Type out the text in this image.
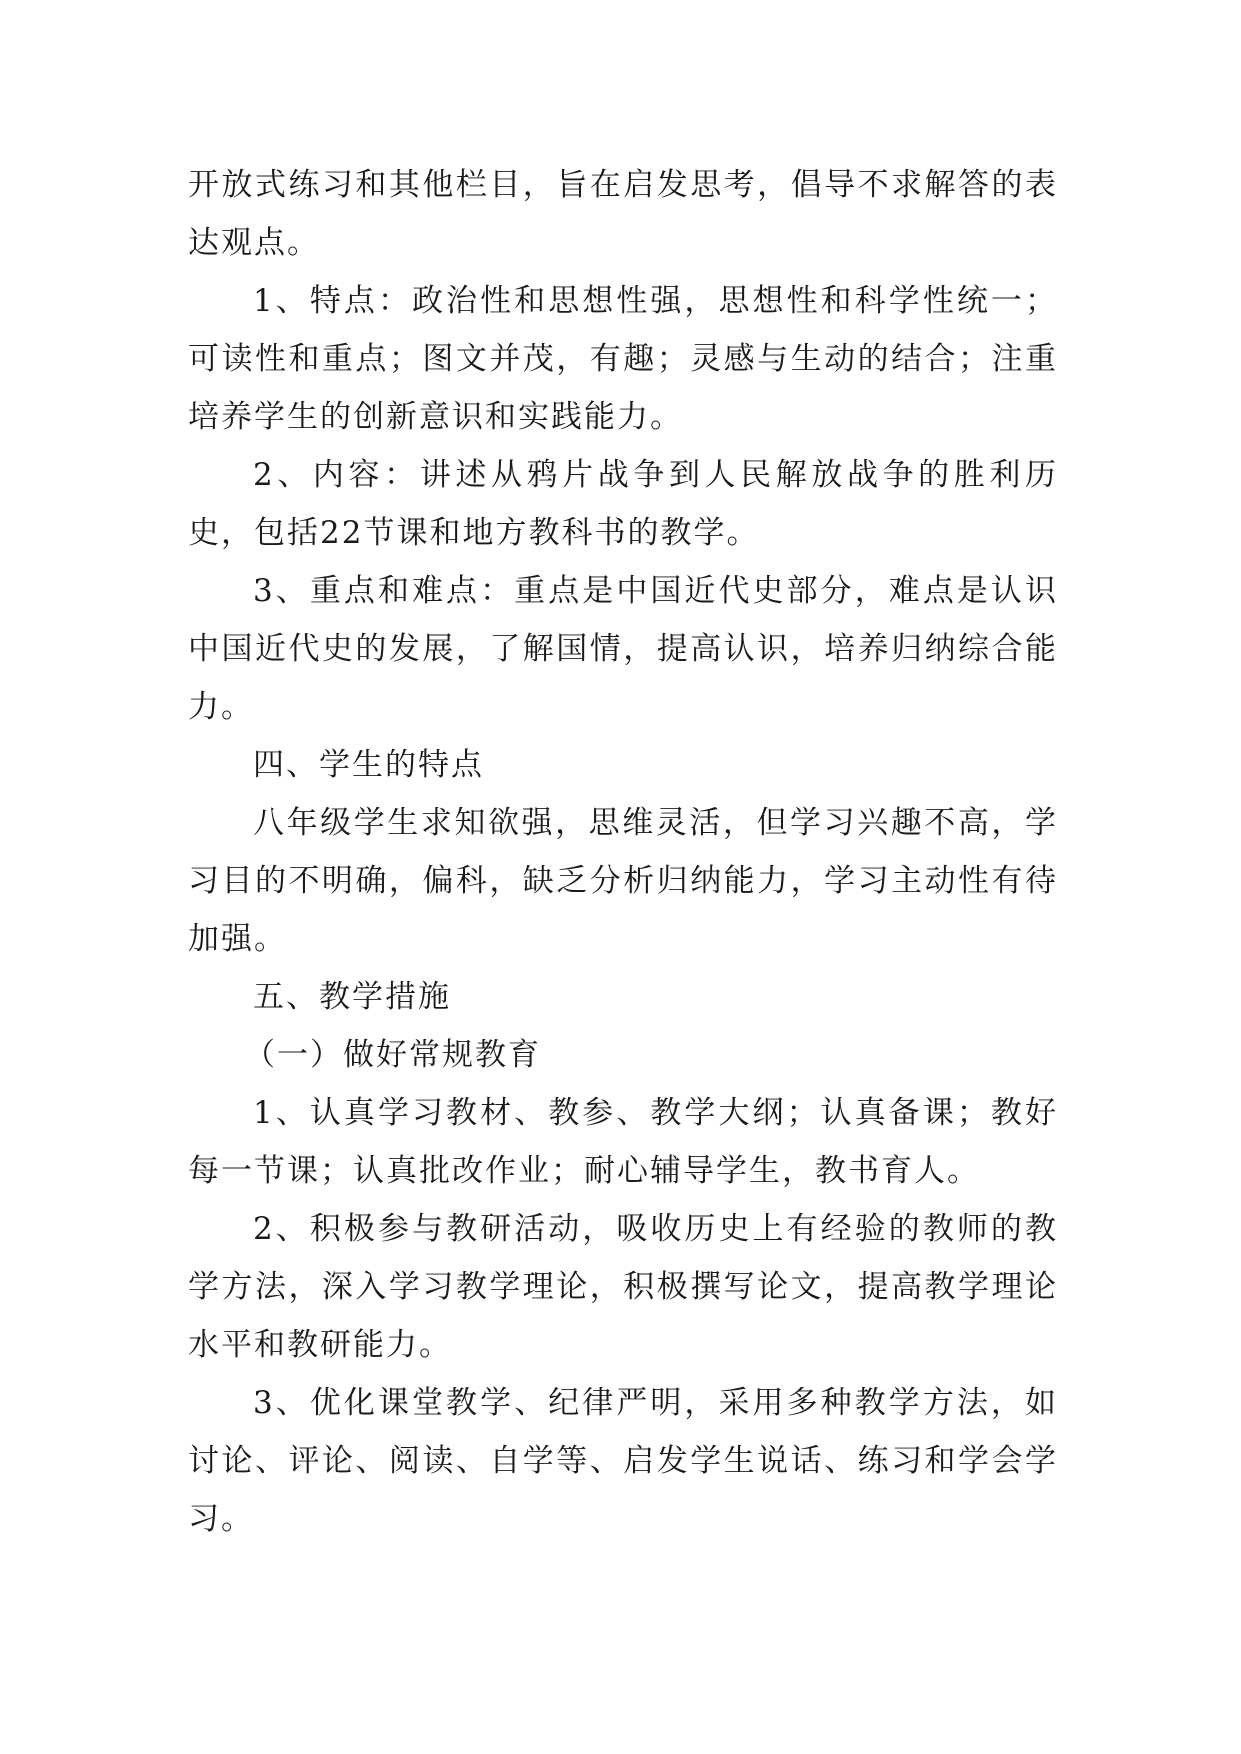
开放式练习和其他栏目，旨在启发思考，倡导不求解答的表达观点。

1、特点：政治性和思想性强，思想性和科学性统一；可读性和重点；图文并茂，有趣；灵感与生动的结合；注重培养学生的创新意识和实践能力。

2、内容：讲述从鸦片战争到人民解放战争的胜利历史，包括22节课和地方教科书的教学。

3、重点和难点：重点是中国近代史部分，难点是认识中国近代史的发展，了解国情，提高认识，培养归纳综合能力。

四、学生的特点

八年级学生求知欲强，思维灵活，但学习兴趣不高，学习目的不明确，偏科，缺乏分析归纳能力，学习主动性有待加强。

五、教学措施

（一）做好常规教育

1、认真学习教材、教参、教学大纲；认真备课；教好每一节课；认真批改作业；耐心辅导学生，教书育人。

2、积极参与教研活动，吸收历史上有经验的教师的教学方法，深入学习教学理论，积极撰写论文，提高教学理论水平和教研能力。

3、优化课堂教学、纪律严明，采用多种教学方法，如讨论、评论、阅读、自学等、启发学生说话、练习和学会学习。
